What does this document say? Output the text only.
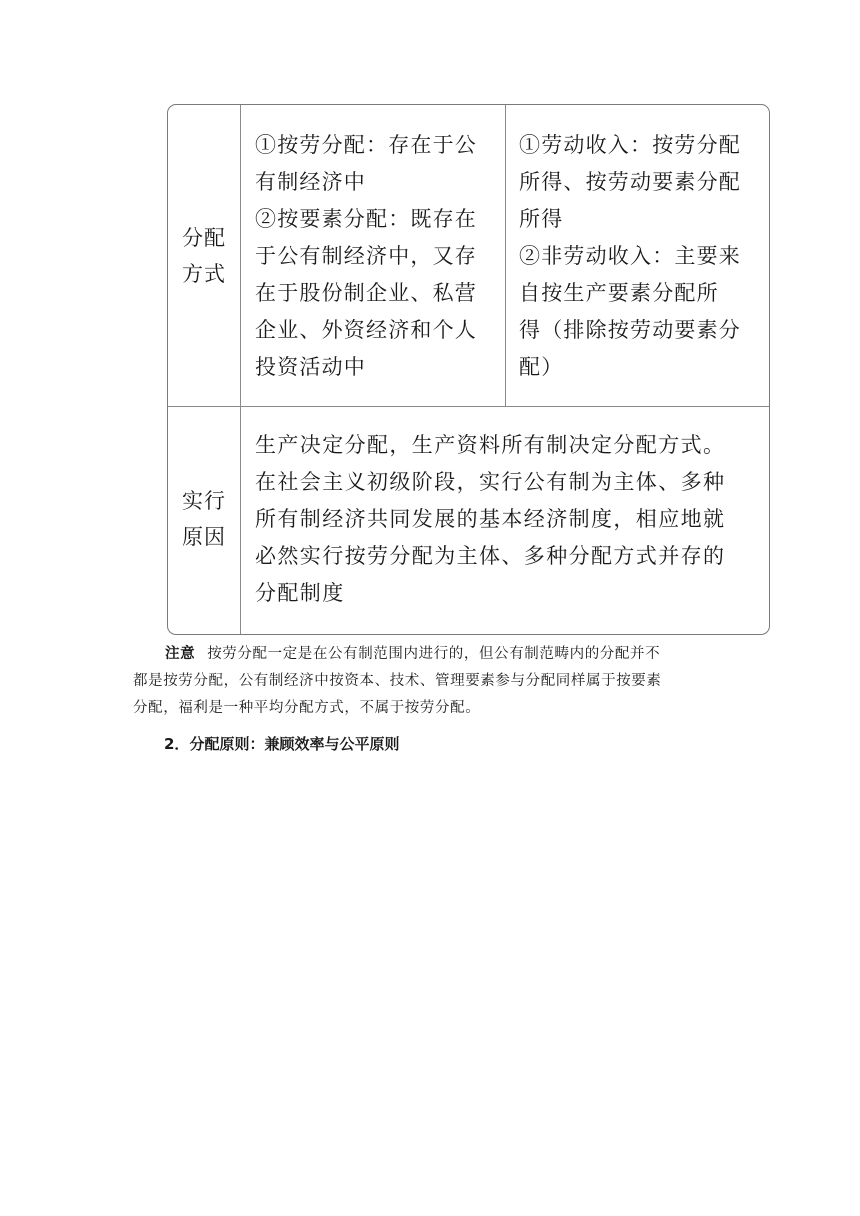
分配
方式

①按劳分配：存在于公

有制经济中

②按要素分配：既存在

于公有制经济中，又存

在于股份制企业、私营

企业、外资经济和个人

投资活动中

①劳动收入：按劳分配

所得、按劳动要素分配

所得

②非劳动收入：主要来

自按生产要素分配所

得（排除按劳动要素分

配）

实行
原因

生产决定分配，生产资料所有制决定分配方式。

在社会主义初级阶段，实行公有制为主体、多种

所有制经济共同发展的基本经济制度，相应地就

必然实行按劳分配为主体、多种分配方式并存的

分配制度

注意 按劳分配一定是在公有制范围内进行的，但公有制范畴内的分配并不
都是按劳分配，公有制经济中按资本、技术、管理要素参与分配同样属于按要素
分配，福利是一种平均分配方式，不属于按劳分配。
2．分配原则：兼顾效率与公平原则
